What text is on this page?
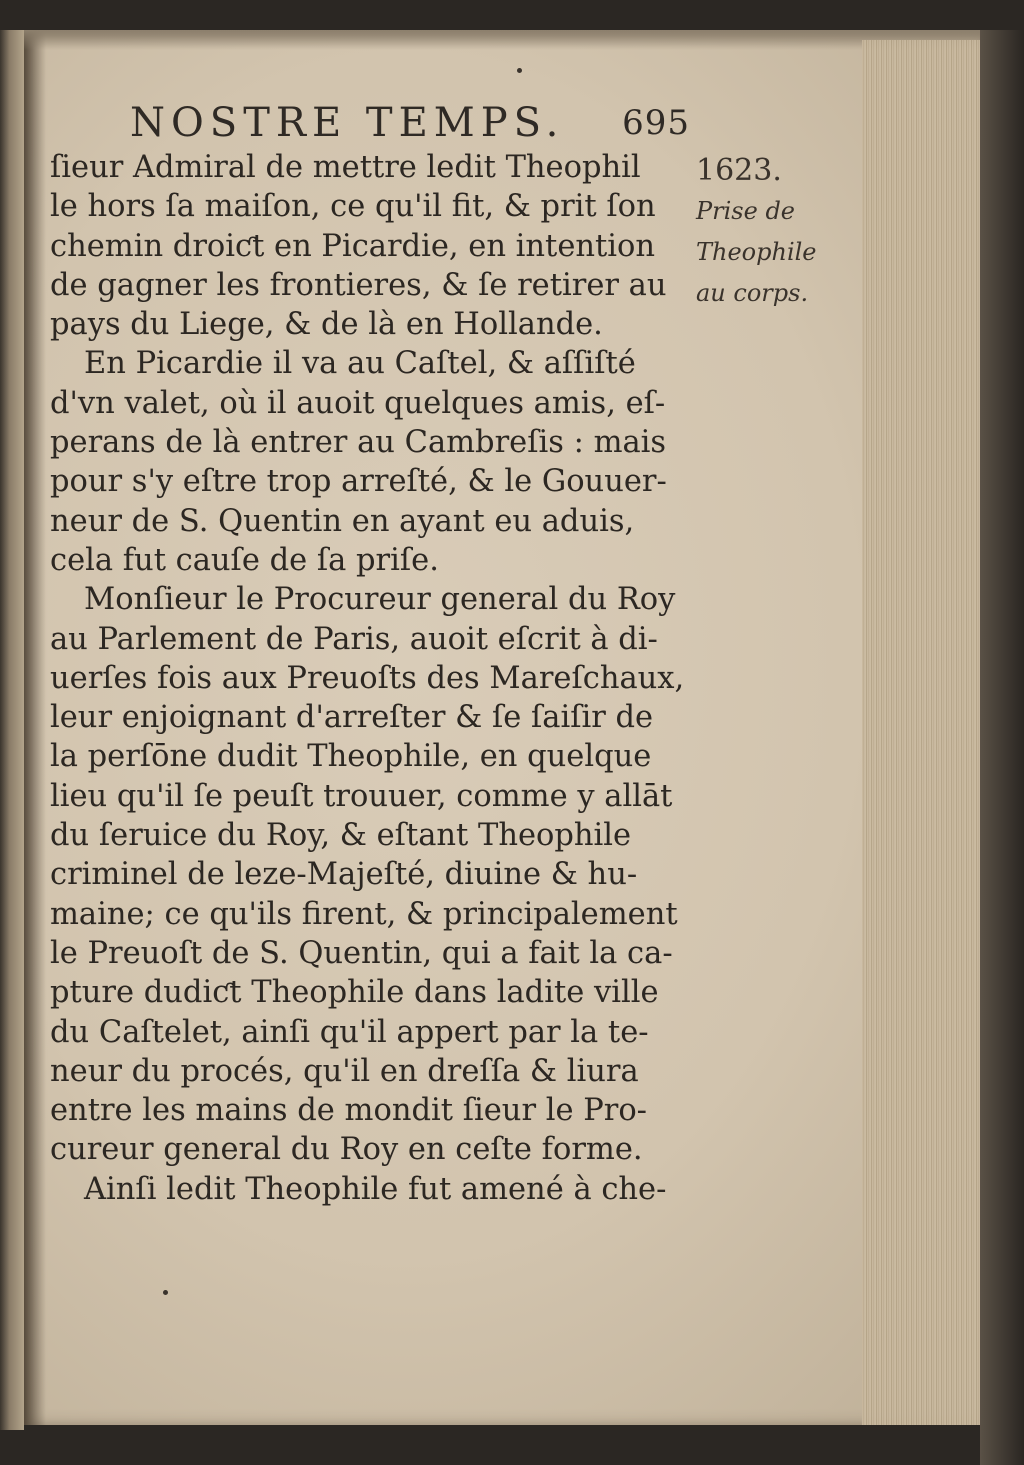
NOSTRE TEMPS. 695
ſieur Admiral de mettre ledit Theophil
le hors ſa maiſon, ce qu'il fit, & prit ſon
chemin droiƈt en Picardie, en intention
de gagner les frontieres, & ſe retirer au
pays du Liege, & de là en Hollande.
En Picardie il va au Caſtel, & aſſiſté
d'vn valet, où il auoit quelques amis, eſ-
perans de là entrer au Cambreſis : mais
pour s'y eſtre trop arreſté, & le Gouuer-
neur de S. Quentin en ayant eu aduis,
cela fut cauſe de ſa priſe.
Monſieur le Procureur general du Roy
au Parlement de Paris, auoit eſcrit à di-
uerſes fois aux Preuoſts des Mareſchaux,
leur enjoignant d'arreſter & ſe ſaiſir de
la perſōne dudit Theophile, en quelque
lieu qu'il ſe peuſt trouuer, comme y allāt
du ſeruice du Roy, & eſtant Theophile
criminel de leze-Majeſté, diuine & hu-
maine; ce qu'ils firent, & principalement
le Preuoſt de S. Quentin, qui a fait la ca-
pture dudiƈt Theophile dans ladite ville
du Caſtelet, ainſi qu'il appert par la te-
neur du procés, qu'il en dreſſa & liura
entre les mains de mondit ſieur le Pro-
cureur general du Roy en ceſte forme.
Ainſi ledit Theophile fut amené à che-
1623.
Prise de
Theophile
au corps.
